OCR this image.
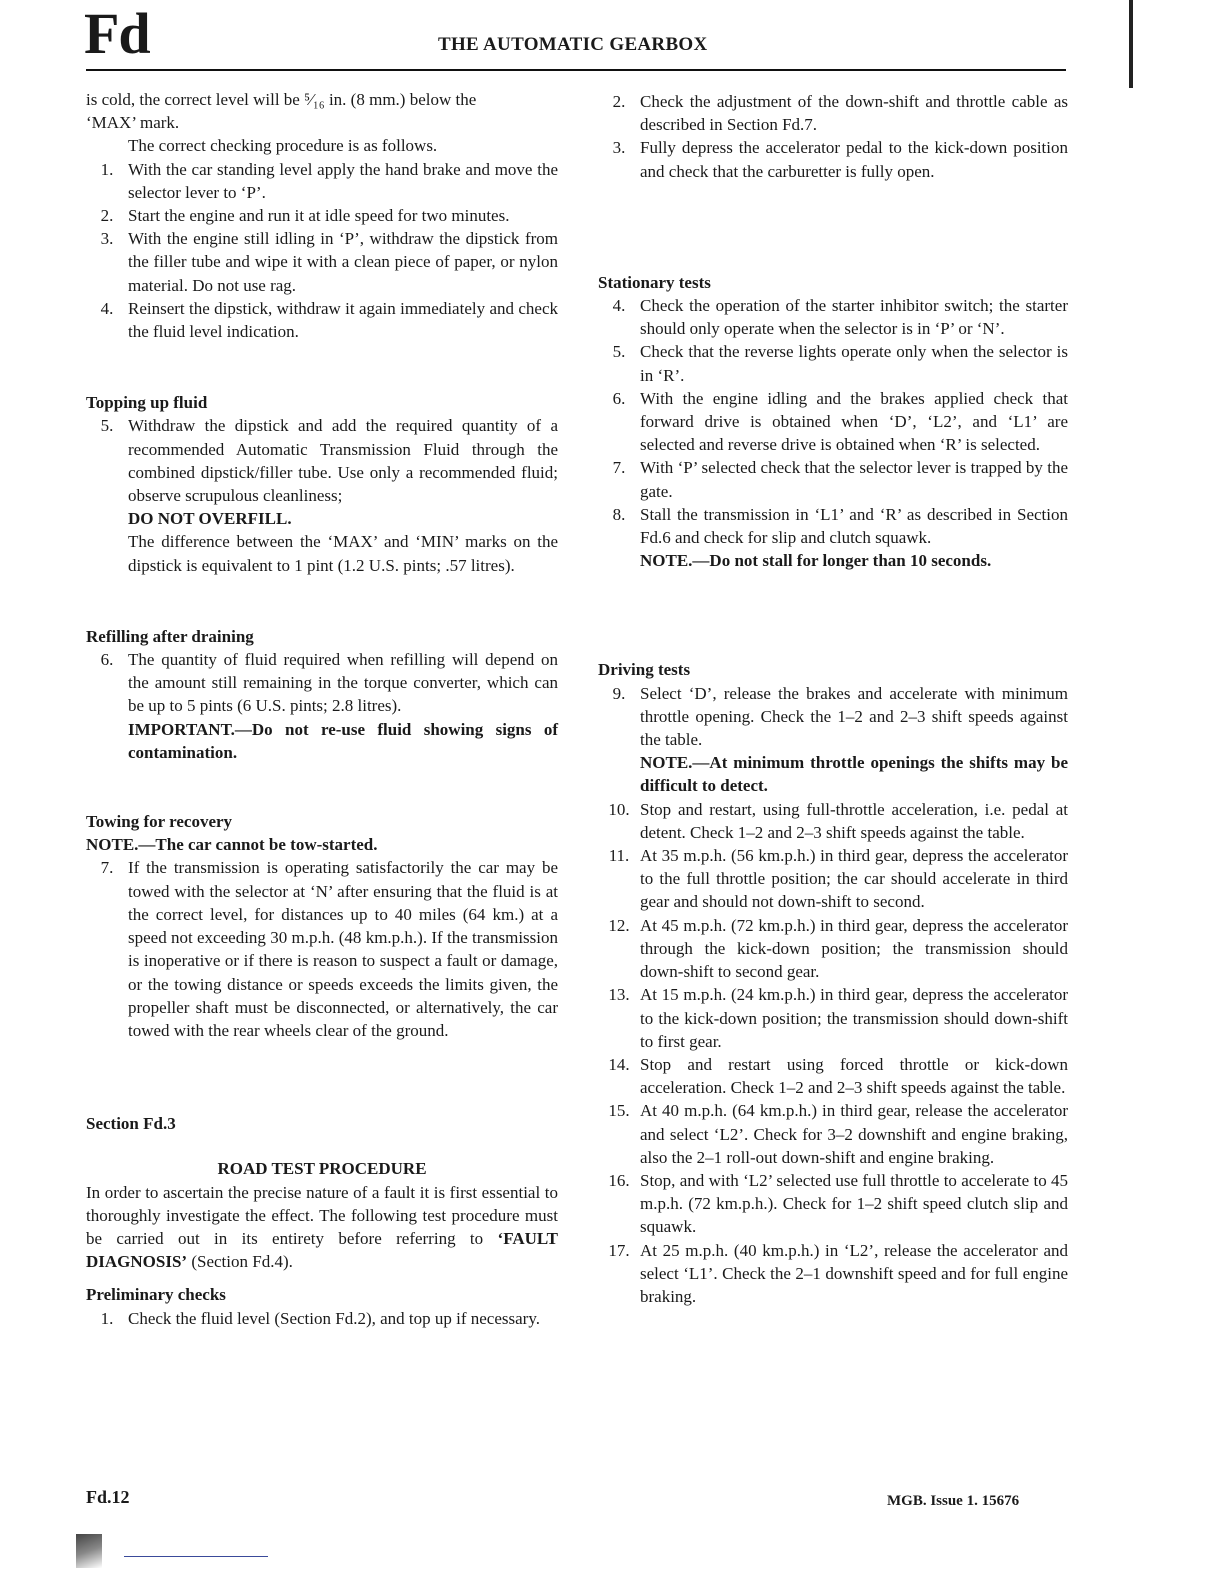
Fd	THE AUTOMATIC GEARBOX

is cold, the correct level will be ⁵⁄₁₆ in. (8 mm.) below the

‘MAX’ mark.

The correct checking procedure is as follows.

1. With the car standing level apply the hand brake and move the selector lever to ‘P’.
2. Start the engine and run it at idle speed for two minutes.
3. With the engine still idling in ‘P’, withdraw the dipstick from the filler tube and wipe it with a clean piece of paper, or nylon material. Do not use rag.
4. Reinsert the dipstick, withdraw it again immediately and check the fluid level indication.

Topping up fluid

5. Withdraw the dipstick and add the required quantity of a recommended Automatic Transmission Fluid through the combined dipstick/filler tube. Use only a recommended fluid; observe scrupulous cleanliness;
DO NOT OVERFILL.
The difference between the ‘MAX’ and ‘MIN’ marks on the dipstick is equivalent to 1 pint (1.2 U.S. pints; .57 litres).

Refilling after draining

6. The quantity of fluid required when refilling will depend on the amount still remaining in the torque converter, which can be up to 5 pints (6 U.S. pints; 2.8 litres).
IMPORTANT.—Do not re-use fluid showing signs of contamination.

Towing for recovery

NOTE.—The car cannot be tow-started.

7. If the transmission is operating satisfactorily the car may be towed with the selector at ‘N’ after ensuring that the fluid is at the correct level, for distances up to 40 miles (64 km.) at a speed not exceeding 30 m.p.h. (48 km.p.h.). If the transmission is inoperative or if there is reason to suspect a fault or damage, or the towing distance or speeds exceeds the limits given, the propeller shaft must be disconnected, or alternatively, the car towed with the rear wheels clear of the ground.

Section Fd.3

ROAD TEST PROCEDURE

In order to ascertain the precise nature of a fault it is first essential to thoroughly investigate the effect. The following test procedure must be carried out in its entirety before referring to ‘FAULT DIAGNOSIS’ (Section Fd.4).

Preliminary checks

1. Check the fluid level (Section Fd.2), and top up if necessary.
2. Check the adjustment of the down-shift and throttle cable as described in Section Fd.7.
3. Fully depress the accelerator pedal to the kick-down position and check that the carburetter is fully open.

Stationary tests

4. Check the operation of the starter inhibitor switch; the starter should only operate when the selector is in ‘P’ or ‘N’.
5. Check that the reverse lights operate only when the selector is in ‘R’.
6. With the engine idling and the brakes applied check that forward drive is obtained when ‘D’, ‘L2’, and ‘L1’ are selected and reverse drive is obtained when ‘R’ is selected.
7. With ‘P’ selected check that the selector lever is trapped by the gate.
8. Stall the transmission in ‘L1’ and ‘R’ as described in Section Fd.6 and check for slip and clutch squawk.
NOTE.—Do not stall for longer than 10 seconds.

Driving tests

9. Select ‘D’, release the brakes and accelerate with minimum throttle opening. Check the 1–2 and 2–3 shift speeds against the table.
NOTE.—At minimum throttle openings the shifts may be difficult to detect.
10. Stop and restart, using full-throttle acceleration, i.e. pedal at detent. Check 1–2 and 2–3 shift speeds against the table.
11. At 35 m.p.h. (56 km.p.h.) in third gear, depress the accelerator to the full throttle position; the car should accelerate in third gear and should not down-shift to second.
12. At 45 m.p.h. (72 km.p.h.) in third gear, depress the accelerator through the kick-down position; the transmission should down-shift to second gear.
13. At 15 m.p.h. (24 km.p.h.) in third gear, depress the accelerator to the kick-down position; the transmission should down-shift to first gear.
14. Stop and restart using forced throttle or kick-down acceleration. Check 1–2 and 2–3 shift speeds against the table.
15. At 40 m.p.h. (64 km.p.h.) in third gear, release the accelerator and select ‘L2’. Check for 3–2 downshift and engine braking, also the 2–1 roll-out down-shift and engine braking.
16. Stop, and with ‘L2’ selected use full throttle to accelerate to 45 m.p.h. (72 km.p.h.). Check for 1–2 shift speed clutch slip and squawk.
17. At 25 m.p.h. (40 km.p.h.) in ‘L2’, release the accelerator and select ‘L1’. Check the 2–1 downshift speed and for full engine braking.
Fd.12	MGB. Issue 1. 15676
